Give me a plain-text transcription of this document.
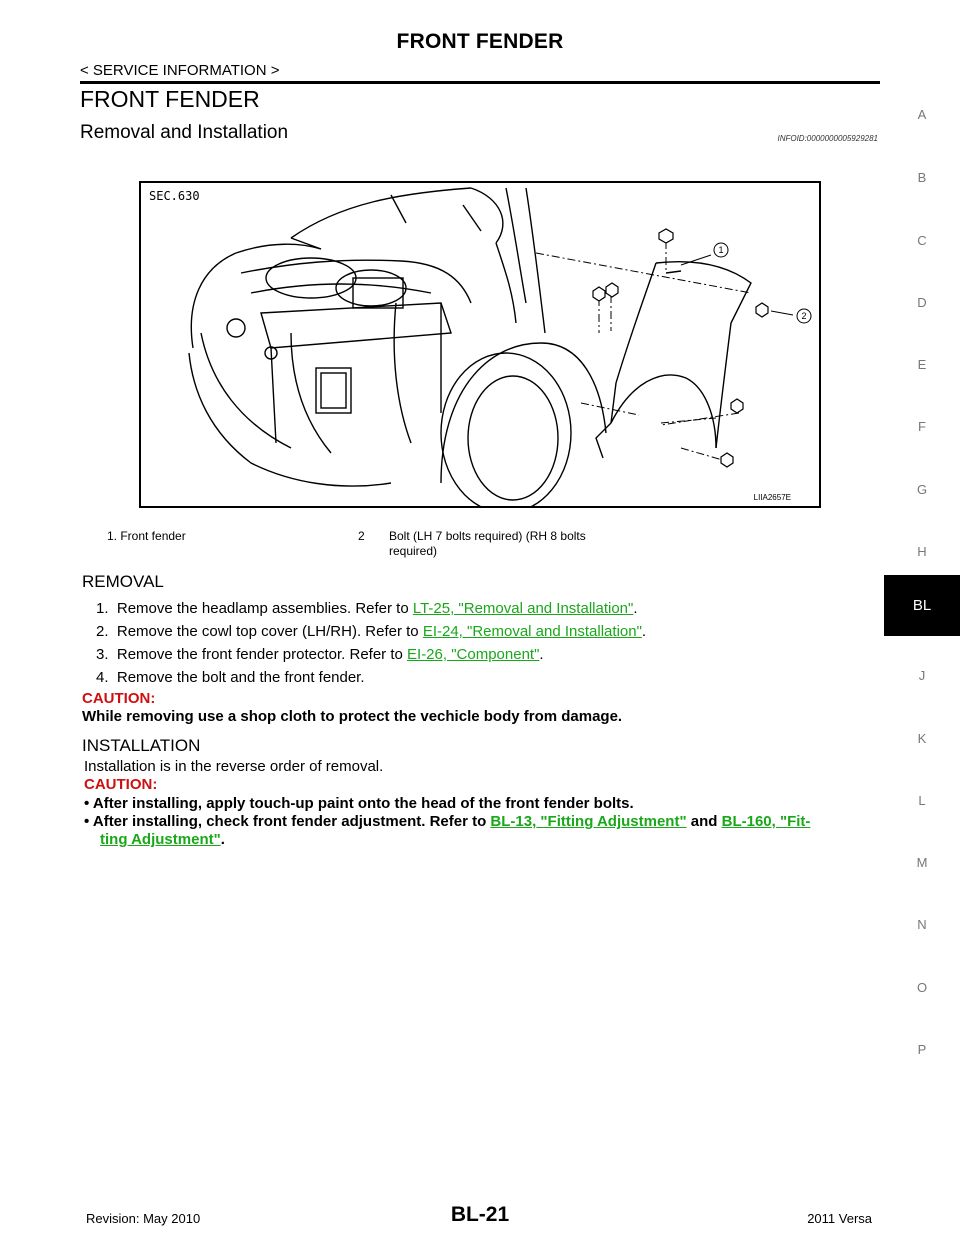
FRONT FENDER
< SERVICE INFORMATION >
FRONT FENDER
Removal and Installation	INFOID:0000000005929281
A
B
C
D
E
F
G
H
BL
J
K
L
M
N
O
P
1
2
SEC.630
LIIA2657E
1. Front fender	2 Bolt (LH 7 bolts required) (RH 8 bolts
required)
REMOVAL
1. Remove the headlamp assemblies. Refer to LT-25, "Removal and Installation".
2. Remove the cowl top cover (LH/RH). Refer to EI-24, "Removal and Installation".
3. Remove the front fender protector. Refer to EI-26, "Component".
4. Remove the bolt and the front fender.
CAUTION:
While removing use a shop cloth to protect the vechicle body from damage.
INSTALLATION
Installation is in the reverse order of removal.
CAUTION:
• After installing, apply touch-up paint onto the head of the front fender bolts.
• After installing, check front fender adjustment. Refer to BL-13, "Fitting Adjustment" and BL-160, "Fit-
ting Adjustment".
Revision: May 2010	BL-21	2011 Versa
